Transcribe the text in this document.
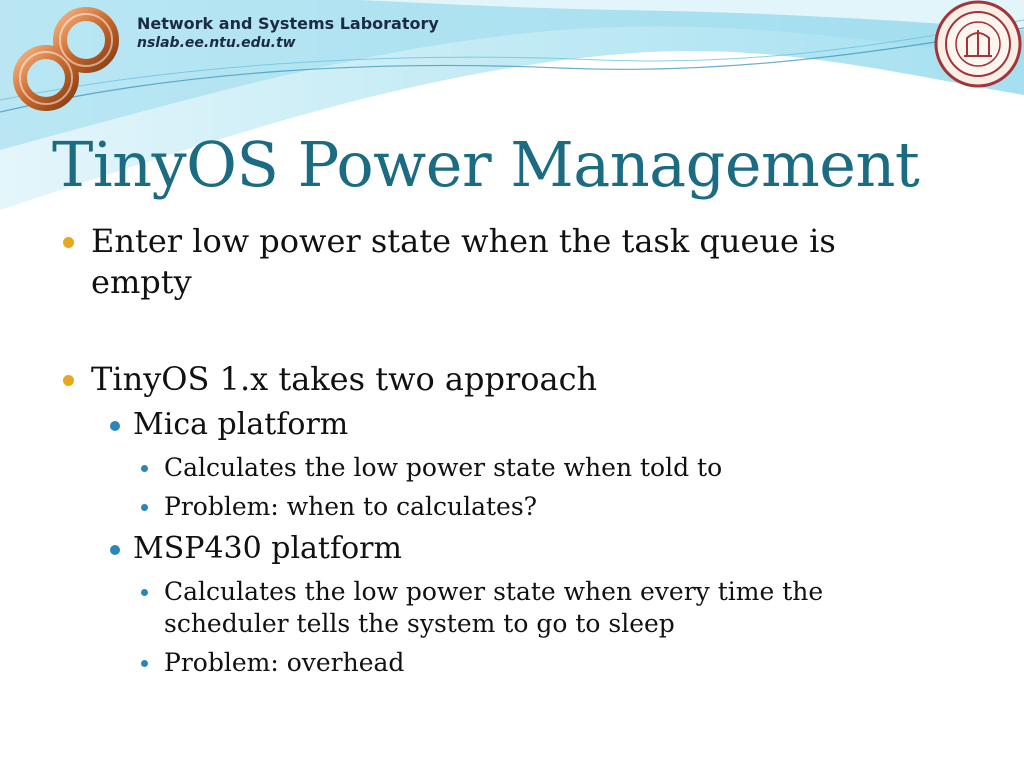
Network and Systems Laboratory
nslab.ee.ntu.edu.tw
TinyOS Power Management
Enter low power state when the task queue is
empty
TinyOS 1.x takes two approach
Mica platform
Calculates the low power state when told to
Problem: when to calculates?
MSP430 platform
Calculates the low power state when every time the
scheduler tells the system to go to sleep
Problem: overhead
